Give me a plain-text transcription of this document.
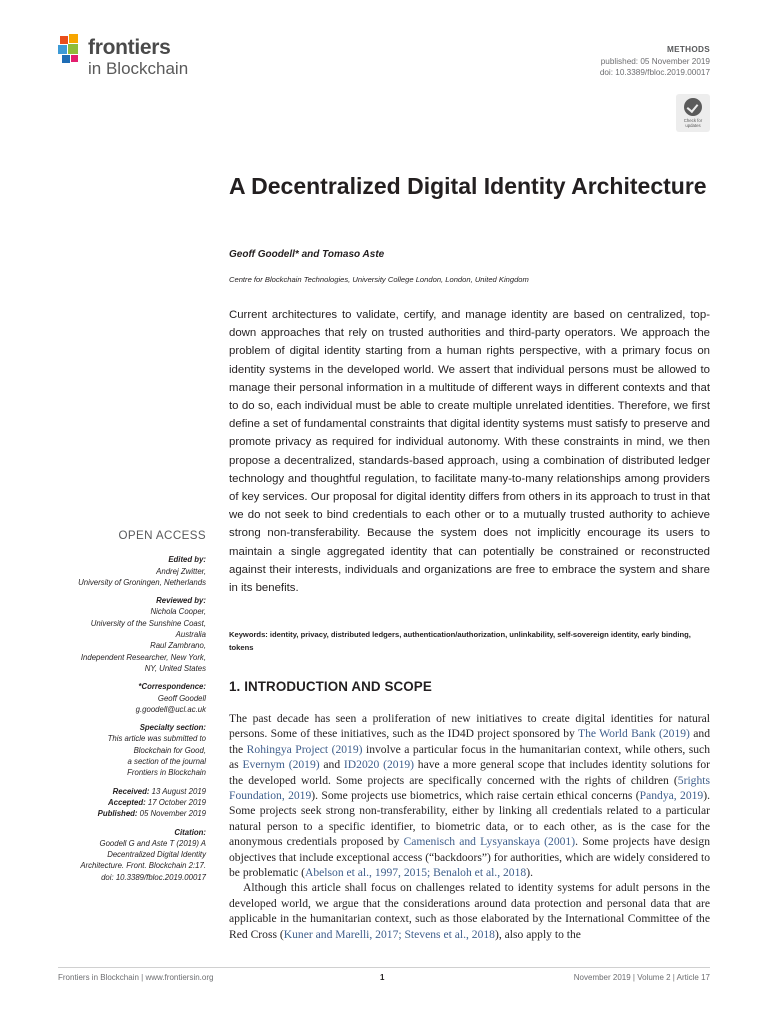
frontiers
in Blockchain
METHODS
published: 05 November 2019
doi: 10.3389/fbloc.2019.00017
Check for
updates
A Decentralized Digital Identity Architecture
Geoff Goodell* and Tomaso Aste
Centre for Blockchain Technologies, University College London, London, United Kingdom

Current architectures to validate, certify, and manage identity are based on centralized, top-down approaches that rely on trusted authorities and third-party operators. We approach the problem of digital identity starting from a human rights perspective, with a primary focus on identity systems in the developed world. We assert that individual persons must be allowed to manage their personal information in a multitude of different ways in different contexts and that to do so, each individual must be able to create multiple unrelated identities. Therefore, we first define a set of fundamental constraints that digital identity systems must satisfy to preserve and promote privacy as required for individual autonomy. With these constraints in mind, we then propose a decentralized, standards-based approach, using a combination of distributed ledger technology and thoughtful regulation, to facilitate many-to-many relationships among providers of key services. Our proposal for digital identity differs from others in its approach to trust in that we do not seek to bind credentials to each other or to a mutually trusted authority to achieve strong non-transferability. Because the system does not implicitly encourage its users to maintain a single aggregated identity that can potentially be constrained or reconstructed against their interests, individuals and organizations are free to embrace the system and share in its benefits.

Keywords: identity, privacy, distributed ledgers, authentication/authorization, unlinkability, self-sovereign identity, early binding, tokens

1. INTRODUCTION AND SCOPE

The past decade has seen a proliferation of new initiatives to create digital identities for natural persons. Some of these initiatives, such as the ID4D project sponsored by The World Bank (2019) and the Rohingya Project (2019) involve a particular focus in the humanitarian context, while others, such as Evernym (2019) and ID2020 (2019) have a more general scope that includes identity solutions for the developed world. Some projects are specifically concerned with the rights of children (5rights Foundation, 2019). Some projects use biometrics, which raise certain ethical concerns (Pandya, 2019). Some projects seek strong non-transferability, either by linking all credentials related to a particular natural person to a specific identifier, to biometric data, or to each other, as is the case for the anonymous credentials proposed by Camenisch and Lysyanskaya (2001). Some projects have design objectives that include exceptional access (“backdoors”) for authorities, which are widely considered to be problematic (Abelson et al., 1997, 2015; Benaloh et al., 2018).

Although this article shall focus on challenges related to identity systems for adult persons in the developed world, we argue that the considerations around data protection and personal data that are applicable in the humanitarian context, such as those elaborated by the International Committee of the Red Cross (Kuner and Marelli, 2017; Stevens et al., 2018), also apply to the

OPEN ACCESS
Edited by:
Andrej Zwitter,
University of Groningen, Netherlands
Reviewed by:
Nichola Cooper,
University of the Sunshine Coast,
Australia
Raul Zambrano,
Independent Researcher, New York,
NY, United States
*Correspondence:
Geoff Goodell
g.goodell@ucl.ac.uk
Specialty section:
This article was submitted to
Blockchain for Good,
a section of the journal
Frontiers in Blockchain
Received: 13 August 2019
Accepted: 17 October 2019
Published: 05 November 2019
Citation:
Goodell G and Aste T (2019) A
Decentralized Digital Identity
Architecture. Front. Blockchain 2:17.
doi: 10.3389/fbloc.2019.00017
Frontiers in Blockchain | www.frontiersin.org	1	November 2019 | Volume 2 | Article 17
